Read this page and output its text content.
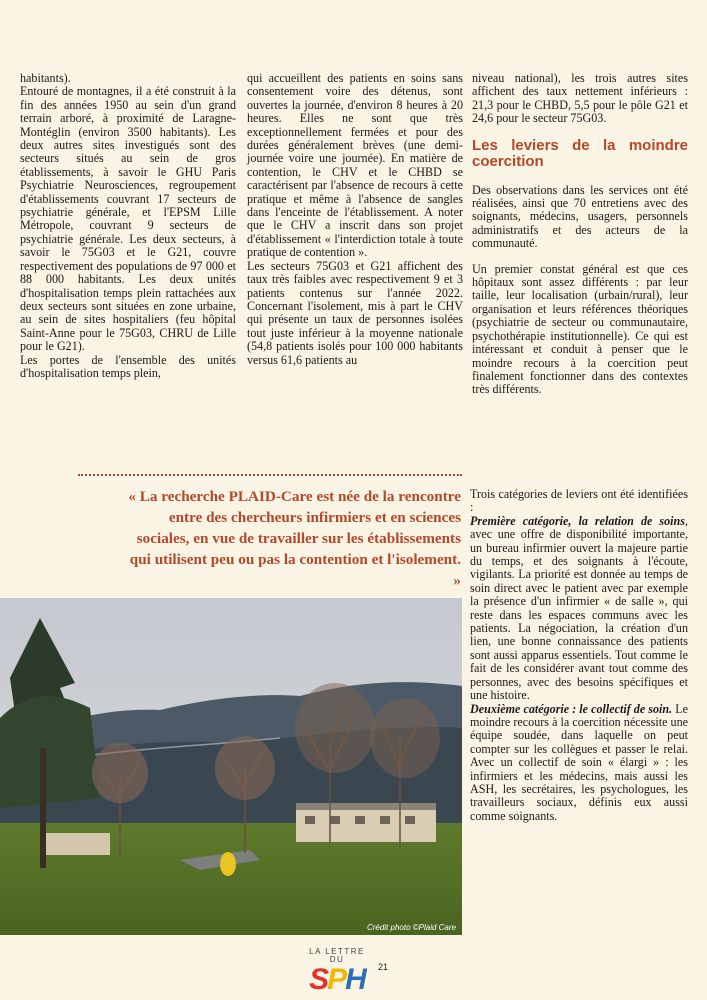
habitants).

Entouré de montagnes, il a été construit à la fin des années 1950 au sein d'un grand terrain arboré, à proximité de Laragne-Montéglin (environ 3500 habitants). Les deux autres sites investigués sont des secteurs situés au sein de gros établissements, à savoir le GHU Paris Psychiatrie Neurosciences, regroupement d'établissements couvrant 17 secteurs de psychiatrie générale, et l'EPSM Lille Métropole, couvrant 9 secteurs de psychiatrie générale. Les deux secteurs, à savoir le 75G03 et le G21, couvre respectivement des populations de 97 000 et 88 000 habitants. Les deux unités d'hospitalisation temps plein rattachées aux deux secteurs sont situées en zone urbaine, au sein de sites hospitaliers (feu hôpital Saint-Anne pour le 75G03, CHRU de Lille pour le G21).

Les portes de l'ensemble des unités d'hospitalisation temps plein,

qui accueillent des patients en soins sans consentement voire des détenus, sont ouvertes la journée, d'environ 8 heures à 20 heures. Elles ne sont que très exceptionnellement fermées et pour des durées généralement brèves (une demi-journée voire une journée). En matière de contention, le CHV et le CHBD se caractérisent par l'absence de recours à cette pratique et même à l'absence de sangles dans l'enceinte de l'établissement. A noter que le CHV a inscrit dans son projet d'établissement « l'interdiction totale à toute pratique de contention ».

Les secteurs 75G03 et G21 affichent des taux très faibles avec respectivement 9 et 3 patients contenus sur l'année 2022. Concernant l'isolement, mis à part le CHV qui présente un taux de personnes isolées tout juste inférieur à la moyenne nationale (54,8 patients isolés pour 100 000 habitants versus 61,6 patients au

niveau national), les trois autres sites affichent des taux nettement inférieurs : 21,3 pour le CHBD, 5,5 pour le pôle G21 et 24,6 pour le secteur 75G03.

Les leviers de la moindre coercition

Des observations dans les services ont été réalisées, ainsi que 70 entretiens avec des soignants, médecins, usagers, personnels administratifs et des acteurs de la communauté.

Un premier constat général est que ces hôpitaux sont assez différents : par leur taille, leur localisation (urbain/rural), leur organisation et leurs références théoriques (psychiatrie de secteur ou communautaire, psychothérapie institutionnelle). Ce qui est intéressant et conduit à penser que le moindre recours à la coercition peut finalement fonctionner dans des contextes très différents.

« La recherche PLAID-Care est née de la rencontre entre des chercheurs infirmiers et en sciences sociales, en vue de travailler sur les établissements qui utilisent peu ou pas la contention et l'isolement. »

Crédit photo ©Plaid Care

Trois catégories de leviers ont été identifiées :

Première catégorie, la relation de soins, avec une offre de disponibilité importante, un bureau infirmier ouvert la majeure partie du temps, et des soignants à l'écoute, vigilants. La priorité est donnée au temps de soin direct avec le patient avec par exemple la présence d'un infirmier « de salle », qui reste dans les espaces communs avec les patients. La négociation, la création d'un lien, une bonne connaissance des patients sont aussi apparus essentiels. Tout comme le fait de les considérer avant tout comme des personnes, avec des besoins spécifiques et une histoire.

Deuxième catégorie : le collectif de soin. Le moindre recours à la coercition nécessite une équipe soudée, dans laquelle on peut compter sur les collègues et passer le relai. Avec un collectif de soin « élargi » : les infirmiers et les médecins, mais aussi les ASH, les secrétaires, les psychologues, les travailleurs sociaux, définis eux aussi comme soignants.

LA LETTRE DU
SPH	21
